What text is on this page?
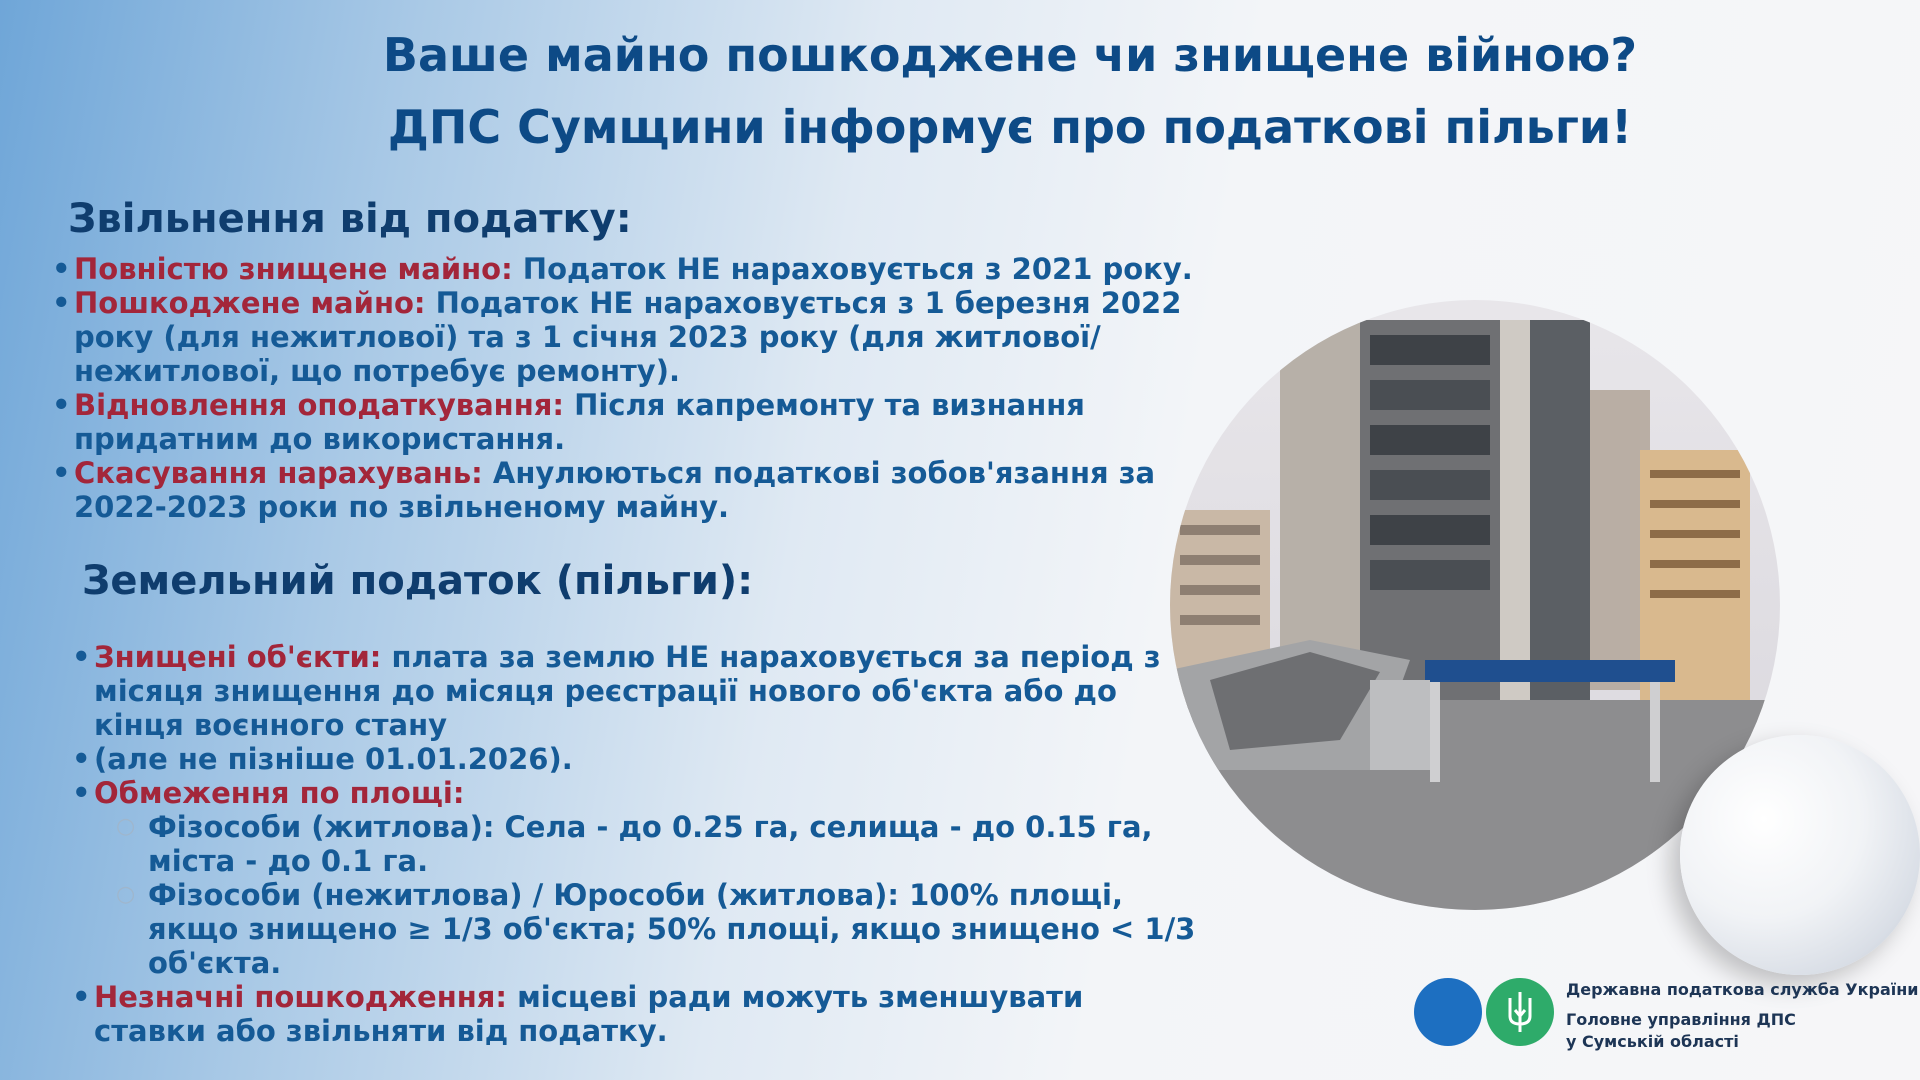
Ваше майно пошкоджене чи знищене війною?
ДПС Сумщини інформує про податкові пільги!
Звільнення від податку:

• Повністю знищене майно: Податок НЕ нараховується з 2021 року.

• Пошкоджене майно: Податок НЕ нараховується з 1 березня 2022 року (для нежитлової) та з 1 січня 2023 року (для житлової/нежитлової, що потребує ремонту).

• Відновлення оподаткування: Після капремонту та визнання придатним до використання.

• Скасування нарахувань: Анулюються податкові зобов'язання за 2022-2023 роки по звільненому майну.

Земельний податок (пільги):

• Знищені об'єкти: плата за землю НЕ нараховується за період з місяця знищення до місяця реєстрації нового об'єкта або до кінця воєнного стану

• (але не пізніше 01.01.2026).

• Обмеження по площі:

○ Фізособи (житлова): Села - до 0.25 га, селища - до 0.15 га, міста - до 0.1 га.

○ Фізособи (нежитлова) / Юрособи (житлова): 100% площі, якщо знищено ≥ 1/3 об'єкта; 50% площі, якщо знищено < 1/3 об'єкта.

• Незначні пошкодження: місцеві ради можуть зменшувати ставки або звільняти від податку.

Державна податкова служба України
Головне управління ДПС
у Сумській області
